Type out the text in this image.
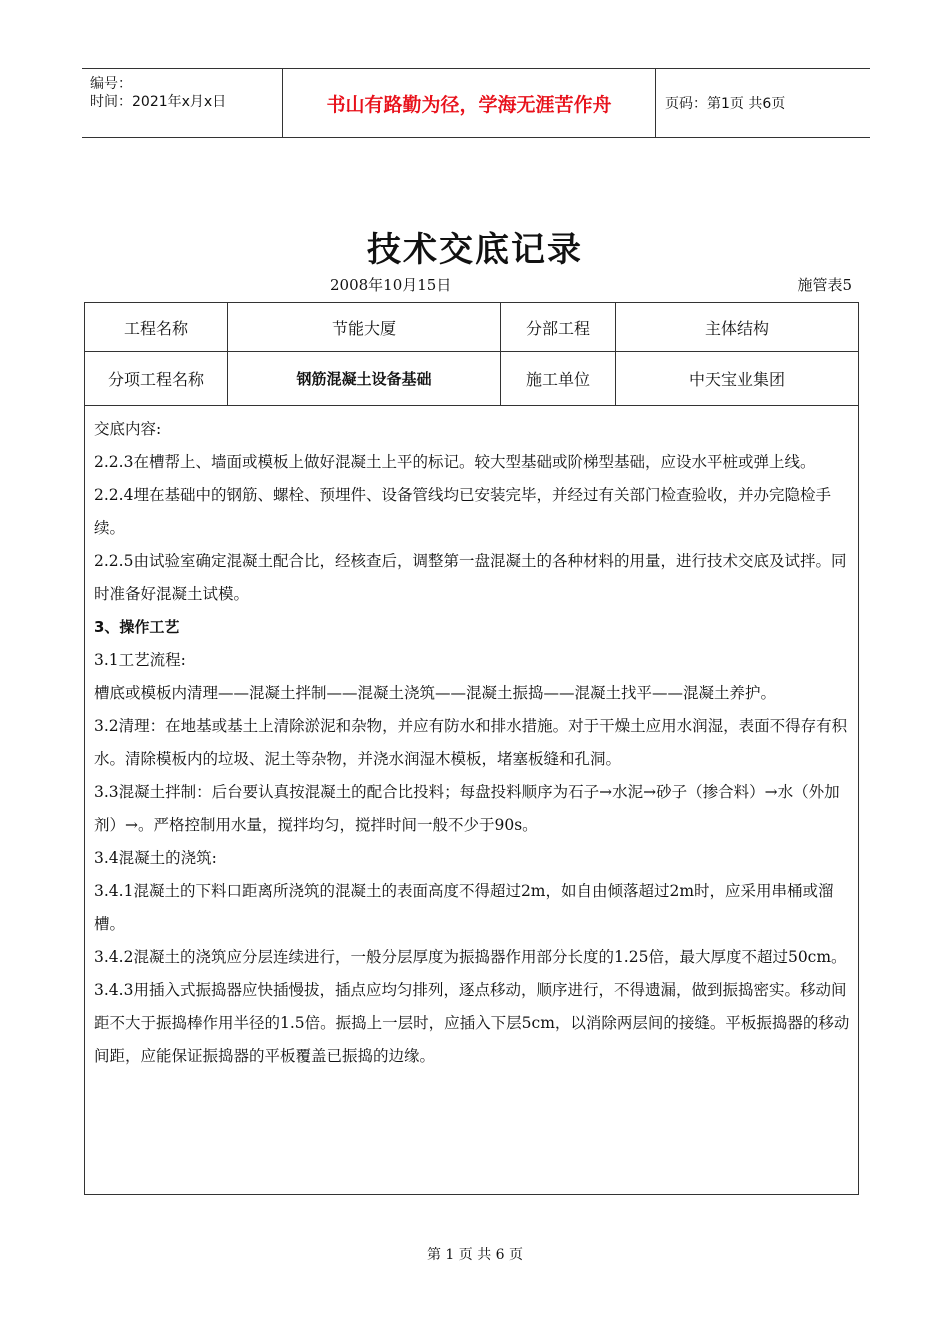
编号：
时间：2021年x月x日	书山有路勤为径，学海无涯苦作舟	页码：第1页 共6页
技术交底记录
2008年10月15日	施管表5
工程名称	节能大厦	分部工程	主体结构
分项工程名称	钢筋混凝土设备基础	施工单位	中天宝业集团

交底内容:

2.2.3在槽帮上、墙面或模板上做好混凝土上平的标记。较大型基础或阶梯型基础，应设水平桩或弹上线。

2.2.4埋在基础中的钢筋、螺栓、预埋件、设备管线均已安装完毕，并经过有关部门检查验收，并办完隐检手续。

2.2.5由试验室确定混凝土配合比，经核查后，调整第一盘混凝土的各种材料的用量，进行技术交底及试拌。同时准备好混凝土试模。

3、操作工艺

3.1工艺流程:

槽底或模板内清理——混凝土拌制——混凝土浇筑——混凝土振捣——混凝土找平——混凝土养护。

3.2清理：在地基或基土上清除淤泥和杂物，并应有防水和排水措施。对于干燥土应用水润湿，表面不得存有积水。清除模板内的垃圾、泥土等杂物，并浇水润湿木模板，堵塞板缝和孔洞。

3.3混凝土拌制：后台要认真按混凝土的配合比投料；每盘投料顺序为石子→水泥→砂子（掺合料）→水（外加剂）→。严格控制用水量，搅拌均匀，搅拌时间一般不少于90s。

3.4混凝土的浇筑:

3.4.1混凝土的下料口距离所浇筑的混凝土的表面高度不得超过2m，如自由倾落超过2m时，应采用串桶或溜槽。

3.4.2混凝土的浇筑应分层连续进行，一般分层厚度为振捣器作用部分长度的1.25倍，最大厚度不超过50cm。

3.4.3用插入式振捣器应快插慢拔，插点应均匀排列，逐点移动，顺序进行，不得遗漏，做到振捣密实。移动间距不大于振捣棒作用半径的1.5倍。振捣上一层时，应插入下层5cm，以消除两层间的接缝。平板振捣器的移动间距，应能保证振捣器的平板覆盖已振捣的边缘。

第 1 页 共 6 页
